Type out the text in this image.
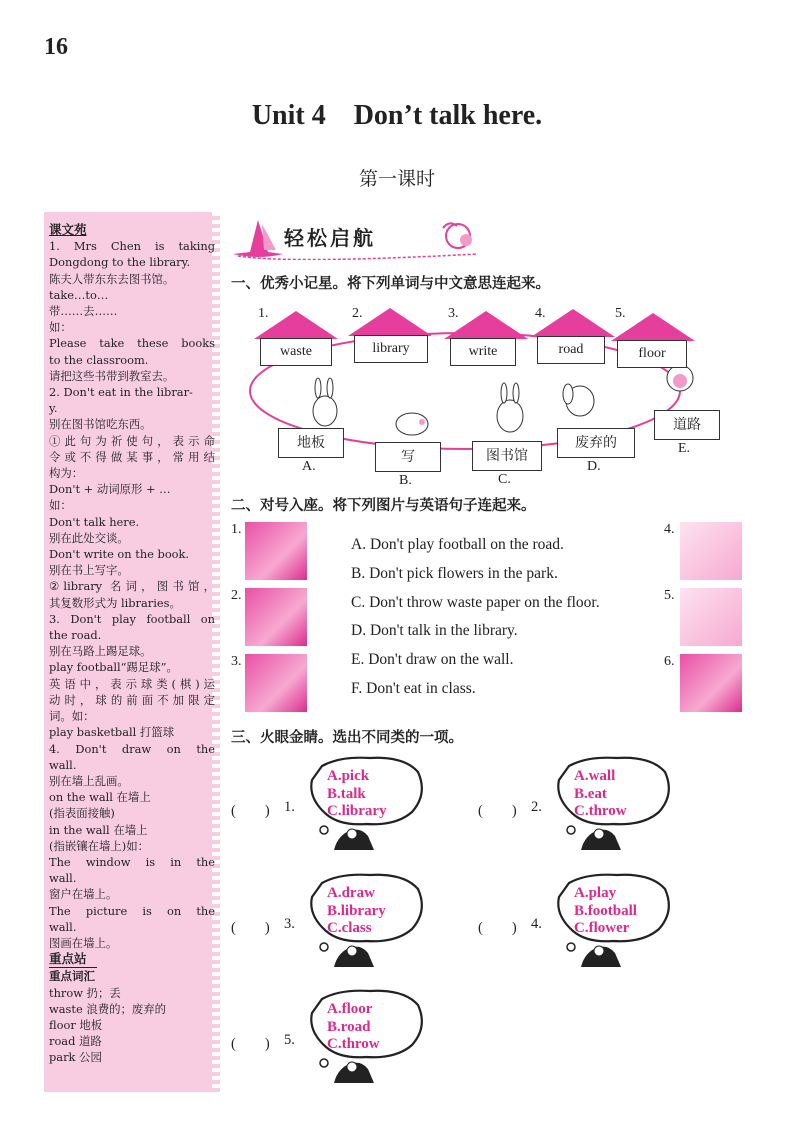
16
Unit 4    Don’t talk here.
第一课时
课文苑
1. Mrs Chen is taking
Dongdong to the library.
陈夫人带东东去图书馆。
take…to…
带……去……
如：
Please take these books
to the classroom.
请把这些书带到教室去。
2. Don't eat in the librar-
y.
别在图书馆吃东西。
①此句为祈使句，表示命
令或不得做某事，常用结
构为：
Don't + 动词原形 + …
如：
Don't talk here.
别在此处交谈。
Don't write on the book.
别在书上写字。
②library 名词，图书馆，
其复数形式为 libraries。
3. Don't play football on
the road.
别在马路上踢足球。
play football“踢足球”。
英语中，表示球类(棋)运
动时，球的前面不加限定
词。如：
play basketball 打篮球
4. Don't draw on the
wall.
别在墙上乱画。
on the wall 在墙上
(指表面接触)
in the wall 在墙上
(指嵌镶在墙上)如：
The window is in the
wall.
窗户在墙上。
The picture is on the
wall.
图画在墙上。
重点站
重点词汇
throw 扔；丢
waste 浪费的；废弃的
floor 地板
road 道路
park 公园
轻松启航
一、优秀小记星。将下列单词与中文意思连起来。
1.
waste
2.
library
3.
write
4.
road
5.
floor
地板
A.
写
B.
图书馆
C.
废弃的
D.
道路
E.
二、对号入座。将下列图片与英语句子连起来。
1.
2.
3.
4.
5.
6.
A. Don't play football on the road.
B. Don't pick flowers in the park.
C. Don't throw waste paper on the floor.
D. Don't talk in the library.
E. Don't draw on the wall.
F. Don't eat in class.
三、火眼金睛。选出不同类的一项。
(　　) 1.
A.pick
B.talk
C.library	(　　) 2.
A.wall
B.eat
C.throw
(　　) 3.
A.draw
B.library
C.class	(　　) 4.
A.play
B.football
C.flower
(　　) 5.
A.floor
B.road
C.throw
